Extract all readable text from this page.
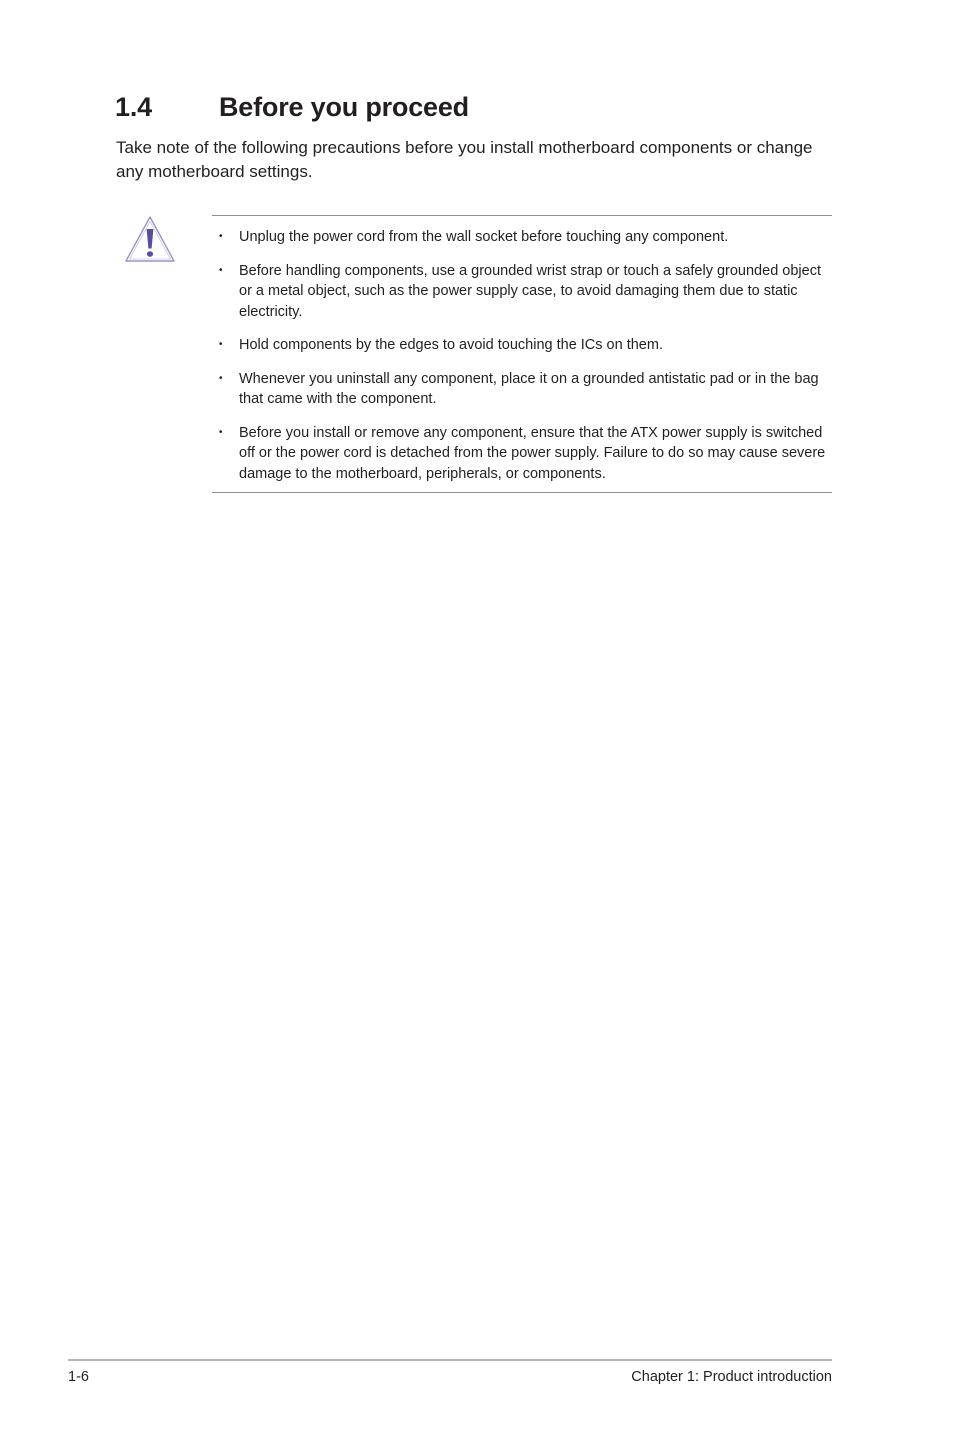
1.4 Before you proceed

Take note of the following precautions before you install motherboard components or change any motherboard settings.

• Unplug the power cord from the wall socket before touching any component.
• Before handling components, use a grounded wrist strap or touch a safely grounded object or a metal object, such as the power supply case, to avoid damaging them due to static electricity.
• Hold components by the edges to avoid touching the ICs on them.
• Whenever you uninstall any component, place it on a grounded antistatic pad or in the bag that came with the component.
• Before you install or remove any component, ensure that the ATX power supply is switched off or the power cord is detached from the power supply. Failure to do so may cause severe damage to the motherboard, peripherals, or components.
1-6	Chapter 1: Product introduction
